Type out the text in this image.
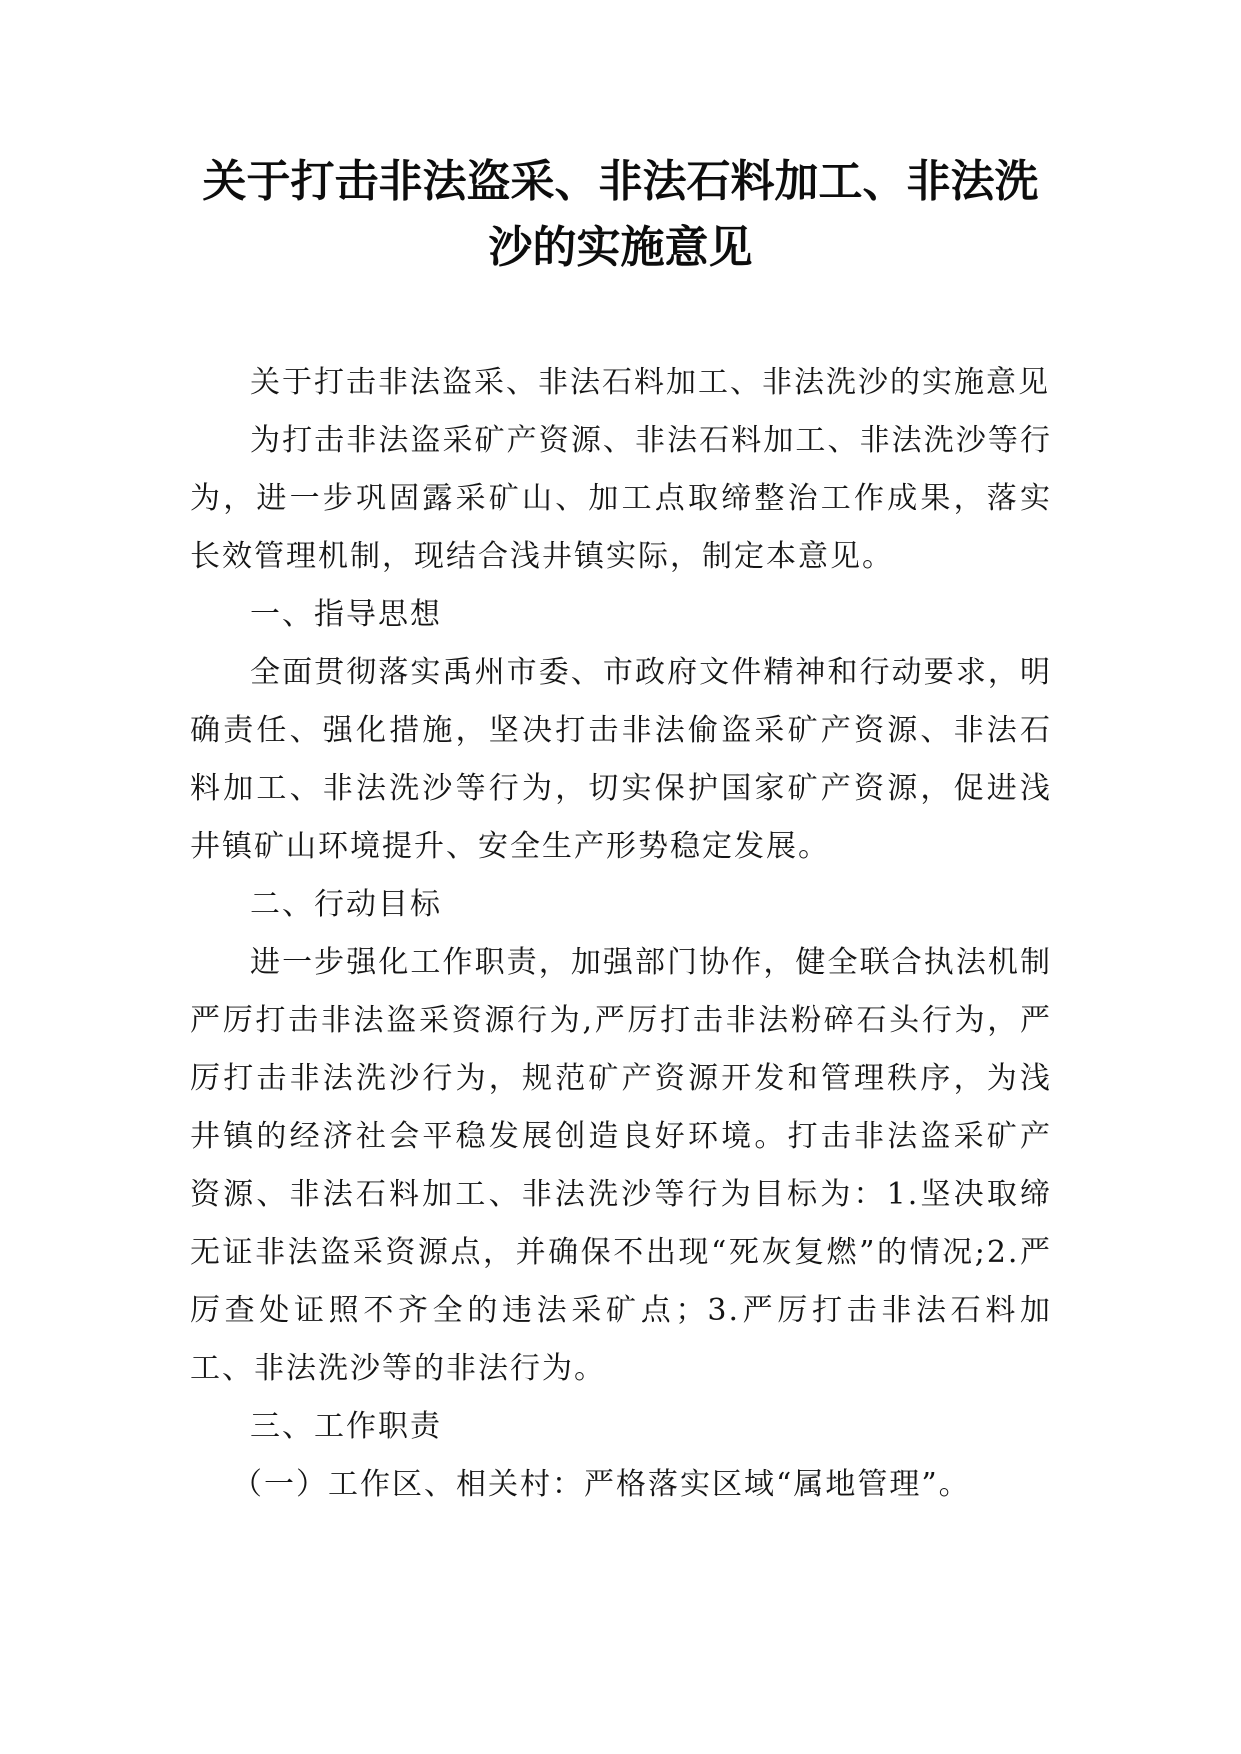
关于打击非法盗采、非法石料加工、非法洗
沙的实施意见

关于打击非法盗采、非法石料加工、非法洗沙的实施意见

为打击非法盗采矿产资源、非法石料加工、非法洗沙等行为，进一步巩固露采矿山、加工点取缔整治工作成果，落实长效管理机制，现结合浅井镇实际，制定本意见。

一、指导思想

全面贯彻落实禹州市委、市政府文件精神和行动要求，明确责任、强化措施，坚决打击非法偷盗采矿产资源、非法石料加工、非法洗沙等行为，切实保护国家矿产资源，促进浅井镇矿山环境提升、安全生产形势稳定发展。

二、行动目标

进一步强化工作职责，加强部门协作，健全联合执法机制严厉打击非法盗采资源行为,严厉打击非法粉碎石头行为，严厉打击非法洗沙行为，规范矿产资源开发和管理秩序，为浅井镇的经济社会平稳发展创造良好环境。打击非法盗采矿产资源、非法石料加工、非法洗沙等行为目标为：1.坚决取缔无证非法盗采资源点，并确保不出现“死灰复燃”的情况;2.严厉查处证照不齐全的违法采矿点；3.严厉打击非法石料加工、非法洗沙等的非法行为。

三、工作职责

（一）工作区、相关村：严格落实区域“属地管理”。
